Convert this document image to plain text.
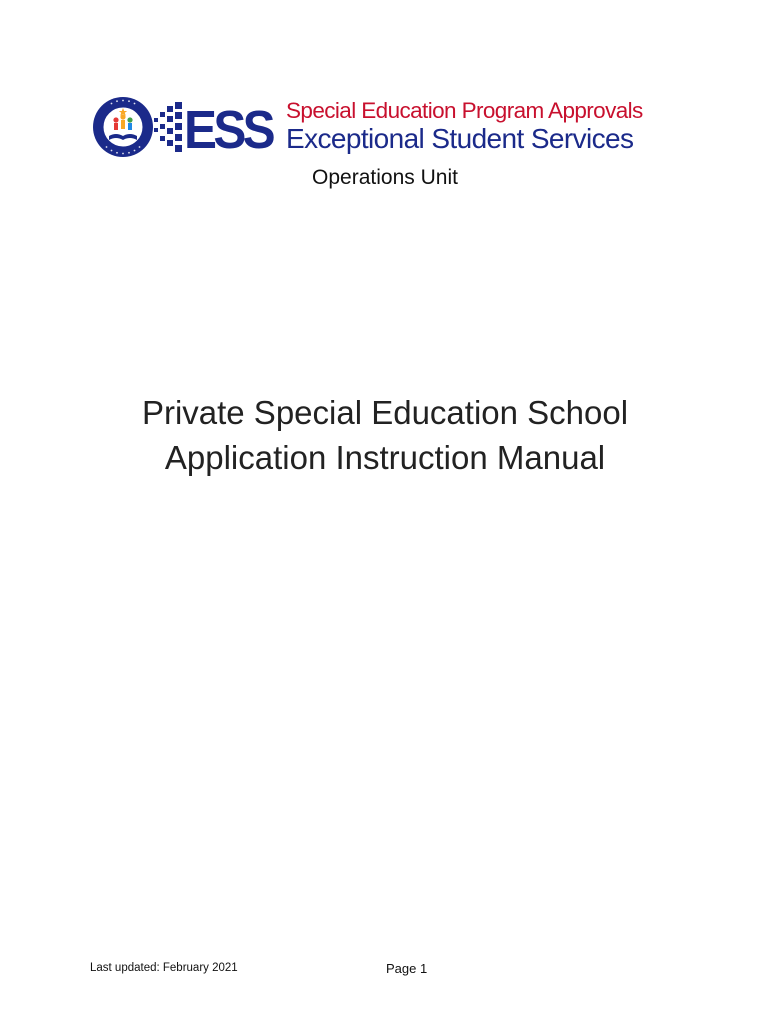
ESS Special Education Program Approvals
Exceptional Student Services
Operations Unit
Private Special Education School
Application Instruction Manual
Last updated: February 2021	Page 1
